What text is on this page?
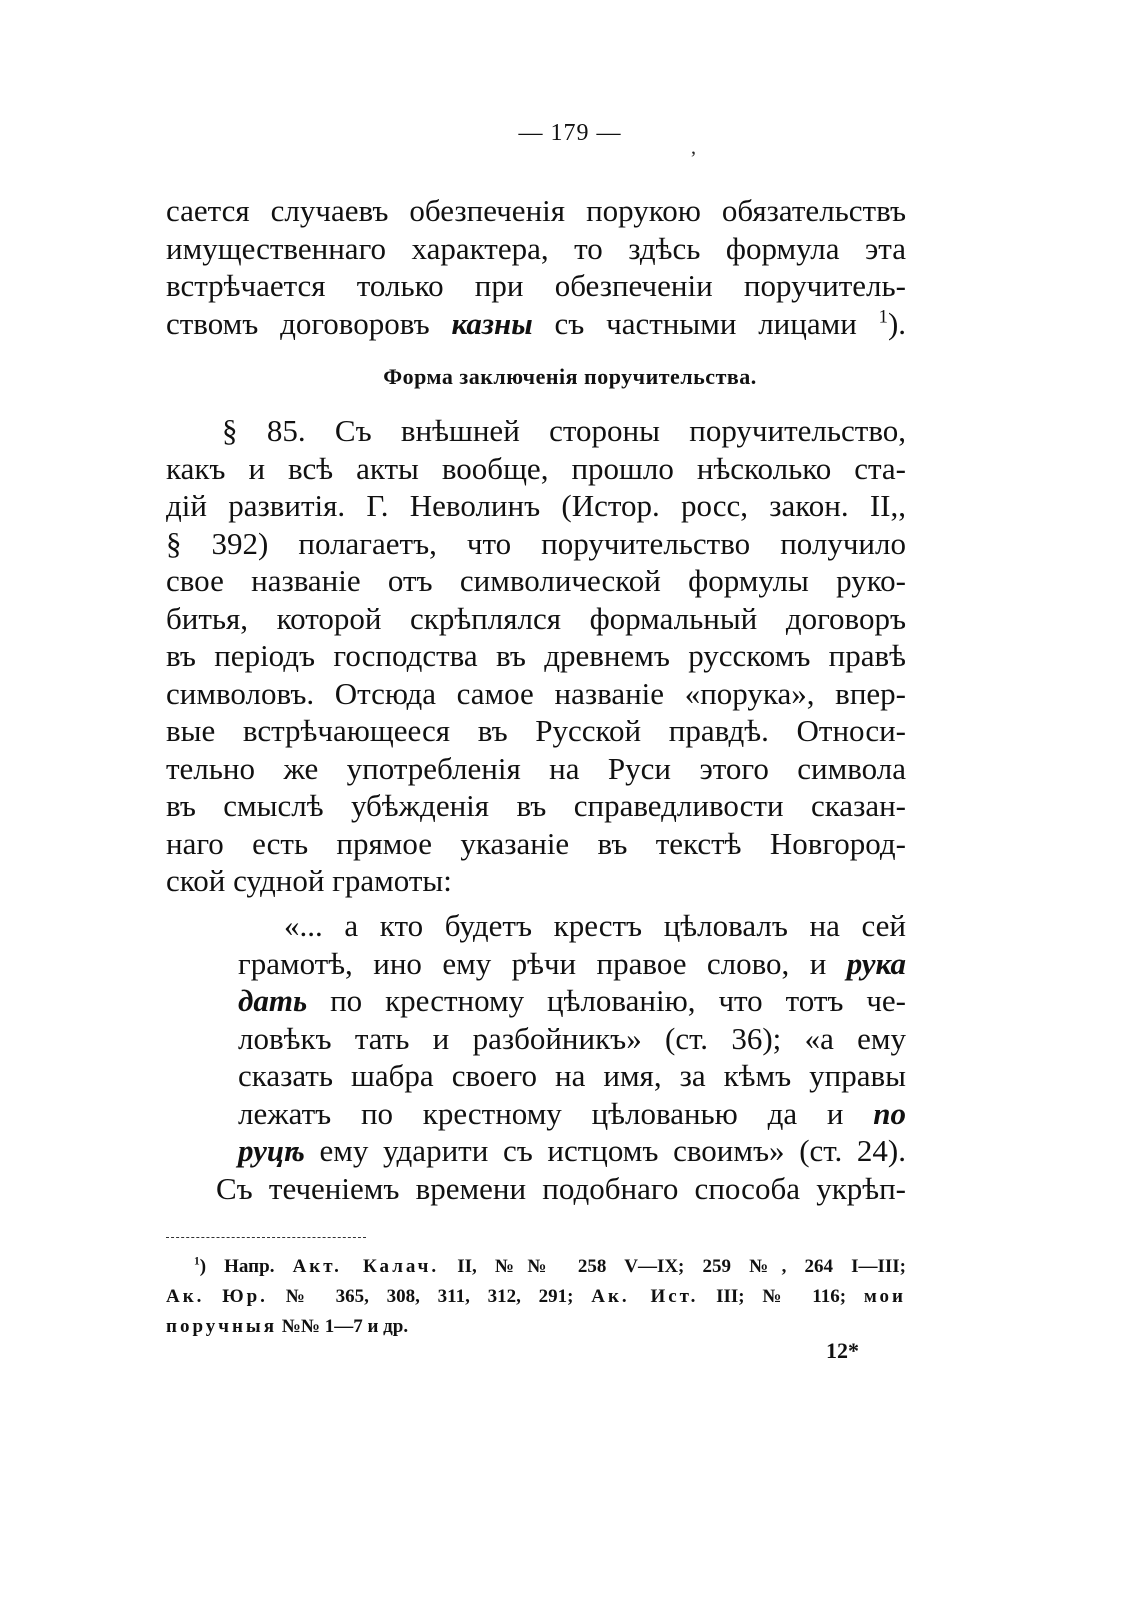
— 179 —
ʼ
сается случаевъ обезпеченія порукою обязательствъ
имущественнаго характера, то здѣсь формула эта
встрѣчается только при обезпеченіи поручитель-
ствомъ договоровъ казны съ частными лицами $^1$).
Форма заключенія поручительства.
§ 85. Съ внѣшней стороны поручительство,
какъ и всѣ акты вообще, прошло нѣсколько ста-
дій развитія. Г. Неволинъ (Истор. росс, закон. II,,
§ 392) полагаетъ, что поручительство получило
свое названіе отъ символической формулы руко-
битья, которой скрѣплялся формальный договоръ
въ періодъ господства въ древнемъ русскомъ правѣ
символовъ. Отсюда самое названіе «порука», впер-
вые встрѣчающееся въ Русской правдѣ. Относи-
тельно же употребленія на Руси этого символа
въ смыслѣ убѣжденія въ справедливости сказан-
наго есть прямое указаніе въ текстѣ Новгород-
ской судной грамоты:
«... а кто будетъ крестъ цѣловалъ на сей
грамотѣ, ино ему рѣчи правое слово, и рука
дать по крестному цѣлованію, что тотъ че-
ловѣкъ тать и разбойникъ» (ст. 36); «а ему
сказать шабра своего на имя, за кѣмъ управы
лежатъ по крестному цѣлованью да и по
руцѣ ему ударити съ истцомъ своимъ» (ст. 24).
Съ теченіемъ времени подобнаго способа укрѣп-
$^1$) Напр. Акт. Калач. II, №№ 258 V—IX; 259 №, 264 I—III;
Ак. Юр. № 365, 308, 311, 312, 291; Ак. Ист. III; № 116; мои
поручныя №№ 1—7 и др.
12*
